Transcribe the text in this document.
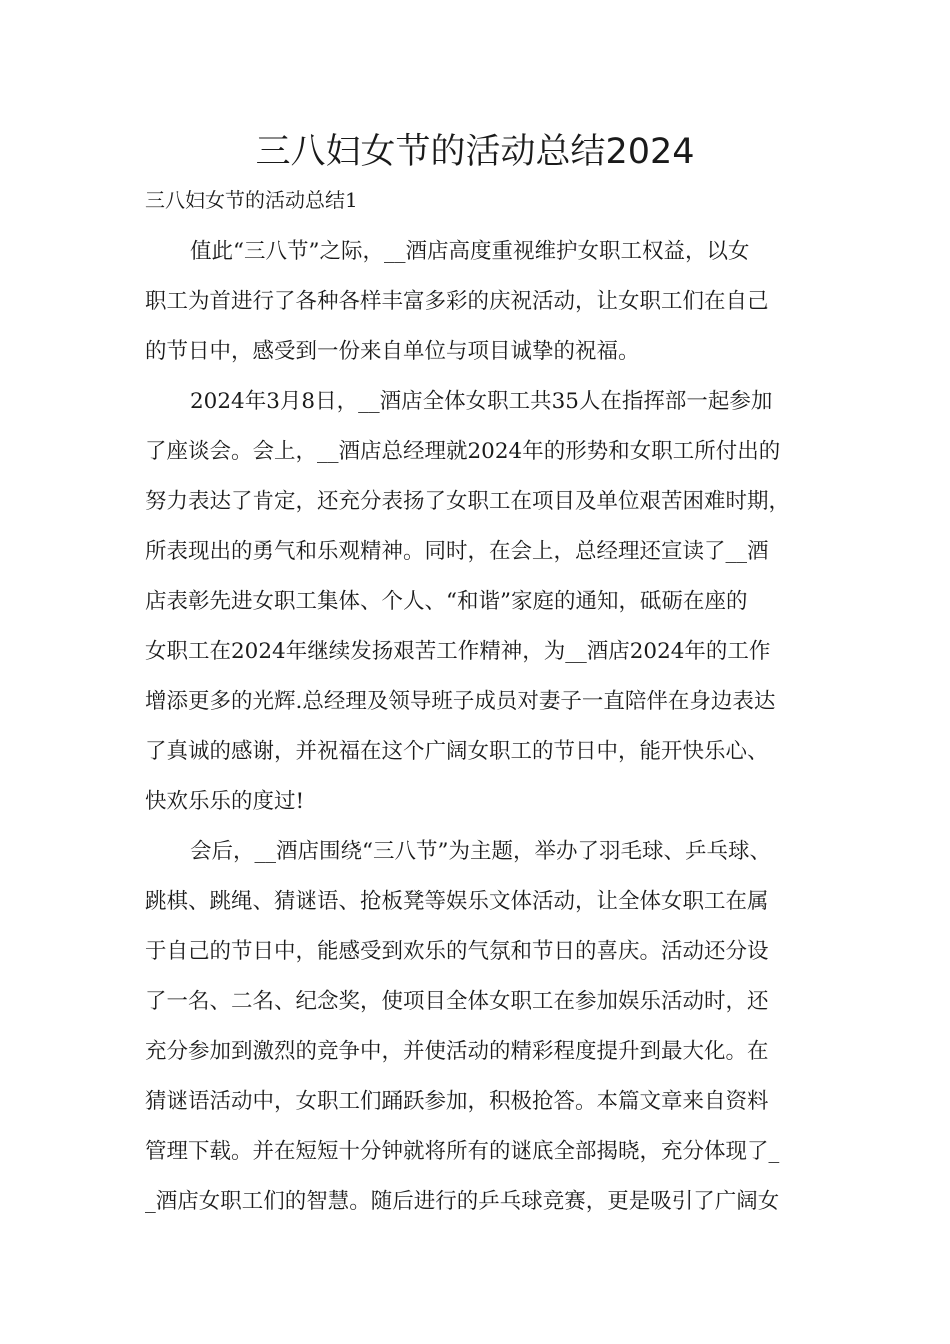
三八妇女节的活动总结2024

三八妇女节的活动总结1

值此“三八节”之际，__酒店高度重视维护女职工权益，以女

职工为首进行了各种各样丰富多彩的庆祝活动，让女职工们在自己

的节日中，感受到一份来自单位与项目诚挚的祝福。

2024年3月8日，__酒店全体女职工共35人在指挥部一起参加

了座谈会。会上，__酒店总经理就2024年的形势和女职工所付出的

努力表达了肯定，还充分表扬了女职工在项目及单位艰苦困难时期，

所表现出的勇气和乐观精神。同时，在会上，总经理还宣读了__酒

店表彰先进女职工集体、个人、“和谐”家庭的通知，砥砺在座的

女职工在2024年继续发扬艰苦工作精神，为__酒店2024年的工作

增添更多的光辉.总经理及领导班子成员对妻子一直陪伴在身边表达

了真诚的感谢，并祝福在这个广阔女职工的节日中，能开快乐心、

快欢乐乐的度过!

会后，__酒店围绕“三八节”为主题，举办了羽毛球、乒乓球、

跳棋、跳绳、猜谜语、抢板凳等娱乐文体活动，让全体女职工在属

于自己的节日中，能感受到欢乐的气氛和节日的喜庆。活动还分设

了一名、二名、纪念奖，使项目全体女职工在参加娱乐活动时，还

充分参加到激烈的竞争中，并使活动的精彩程度提升到最大化。在

猜谜语活动中，女职工们踊跃参加，积极抢答。本篇文章来自资料

管理下载。并在短短十分钟就将所有的谜底全部揭晓，充分体现了_

_酒店女职工们的智慧。随后进行的乒乓球竞赛，更是吸引了广阔女
